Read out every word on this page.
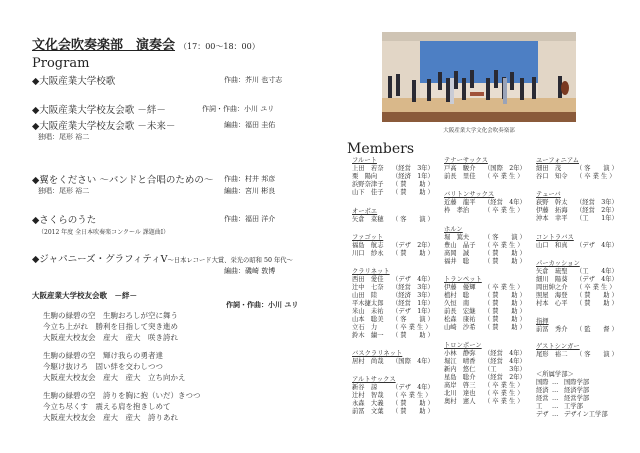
文化会吹奏楽部　演奏会 （17：00～18：00）
Program
◆大阪産業大学校歌	作曲：芥川 也寸志
◆大阪産業大学校友会歌 －絆－	作詞・作曲：小川 ユリ
◆大阪産業大学校友会歌 －未来－	編曲：福田 圭佑
独唱：尾形 裕二
◆翼をください ～バンドと合唱のための～ 作曲：村井 邦彦
独唱：尾形 裕二	編曲：宮川 彬良
◆さくらのうた	作曲：福田 洋介
（2012 年度 全日本吹奏楽コンクール 課題曲Ⅰ）
◆ジャパニーズ・グラフィティⅤ～日本レコード大賞、栄光の昭和 50 年代～
編曲：磯崎 敦博
大阪産業大学校友会歌　－絆－
作詞・作曲：小川 ユリ
生駒の緑碧の空　生駒おろしが空に舞う
今立ち上がれ　勝利を目指して突き進め
大阪産大校友会　産大　産大　咲き誇れ
生駒の緑碧の空　輝け我らの勇者達
今駆け抜けろ　固い絆を交わしつつ
大阪産大校友会　産大　産大　立ち向かえ
生駒の緑碧の空　誇りを胸に抱（いだ）きつつ
今立ち尽くす　震える肩を抱きしめて
大阪産大校友会　産大　産大　誇りあれ
大阪産業大学文化会吹奏楽部
Members
フルート
上田　若奈	（経営　3年）
栗　陽向	（経済　1年）
浜野奈津子	（ 賛　　助 ）
山下　佳子	（ 賛　　助 ）
オーボエ
矢倉　菜穂	（ 客　　演 ）
ファゴット
福島　航志	（デザ　2年）
川口　紗永	（ 賛　　助 ）
クラリネット
西田　愛佳	（デザ　4年）
辻中　七奈	（経営　3年）
山田　陸	（経済　3年）
平木捷太郎	（経営　1年）
米山　未祐	（デザ　1年）
山本　聡美	（ 客　　演 ）
立石　力	（ 卒 業 生 ）
鈴木　繍一	（ 賛　　助 ）
バスクラリネット
居村　尚哉	（国際　4年）
アルトサックス
新谷　諒	（デザ　4年）
辻村　智哉	（ 卒 業 生 ）
永森　大義	（ 賛　　助 ）
前冨　文葉	（ 賛　　助 ）
テナーサックス
戸高　駿介	（国際　2年）
前長　里佳	（ 卒 業 生 ）
バリトンサックス
近藤　龍平	（経営　4年）
枠　孝治	（ 卒 業 生 ）
ホルン
堀　篤夫	（ 客　　演 ）
豊山　晶子	（ 卒 業 生 ）
髙岡　誠	（ 賛　　助 ）
福井　聡	（ 賛　　助 ）
トランペット
伊藤　優輝	（ 卒 業 生 ）
植村　聡	（ 賛　　助 ）
久恒　南	（ 賛　　助 ）
前長　宏継	（ 賛　　助 ）
松森　康祐	（ 賛　　助 ）
山崎　沙希	（ 賛　　助 ）
トロンボーン
小林　静弥	（経営　4年）
堀江　晴香	（経営　4年）
新内　悠仁	（工　　3年）
星島　聡介	（経営　2年）
髙岸　啓三	（ 卒 業 生 ）
北川　達也	（ 卒 業 生 ）
奥村　憲人	（ 卒 業 生 ）
ユーフォニアム
細田　茂	（ 客　　演 ）
谷口　知令	（ 卒 業 生 ）
テューバ
荻野　幹太	（経営　3年）
伊藤　拓海	（経営　2年）
沖本　幸平	（工　　1年）
コントラバス
山口　和真	（デザ　4年）
パーカッション
矢倉　琉聖	（工　　4年）
細川　陽葵	（デザ　4年）
岡田紳之介	（ 卒 業 生 ）
照屋　海登	（ 賛　　助 ）
村本　心平	（ 賛　　助 ）
指揮
前冨　秀介	（ 監　　督 ）
ゲストシンガー
尾形　裕二	（ 客　　演 ）
＜所属学部＞
国際 … 国際学部
経済 … 経済学部
経営 … 経営学部
工 … 工学部
デザ … デザイン工学部
